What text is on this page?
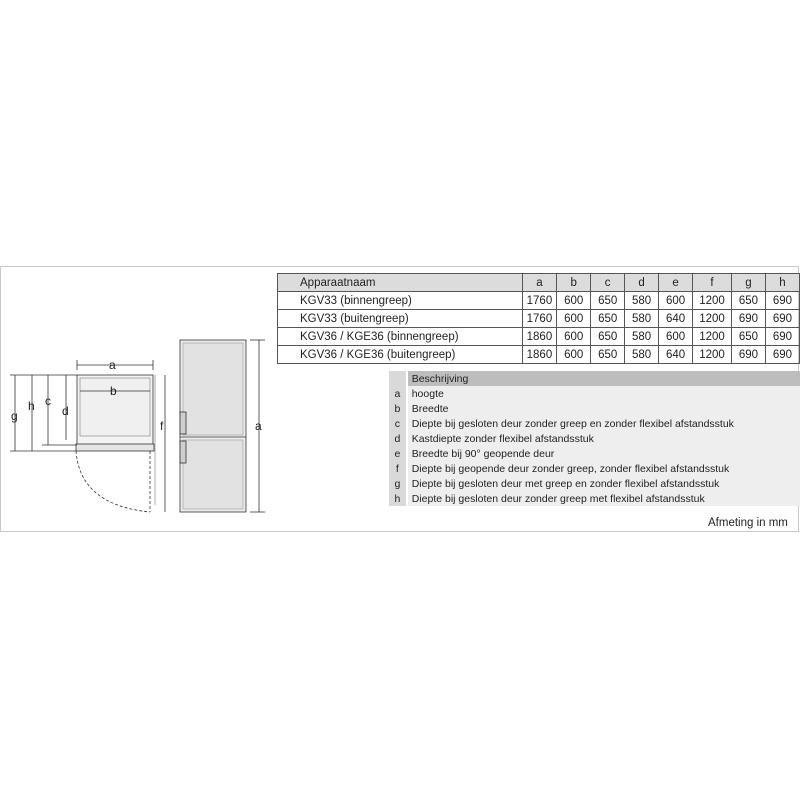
a
b
g
h c
d
f	a
Apparaatnaam	a	b	c	d	e	f	g	h
KGV33 (binnengreep)	1760	600	650	580	600	1200	650	690
KGV33 (buitengreep)	1760	600	650	580	640	1200	690	690
KGV36 / KGE36 (binnengreep)	1860	600	650	580	600	1200	650	690
KGV36 / KGE36 (buitengreep)	1860	600	650	580	640	1200	690	690
	Beschrijving
a	hoogte
b	Breedte
c	Diepte bij gesloten deur zonder greep en zonder flexibel afstandsstuk
d	Kastdiepte zonder flexibel afstandsstuk
e	Breedte bij 90° geopende deur
f	Diepte bij geopende deur zonder greep, zonder flexibel afstandsstuk
g	Diepte bij gesloten deur met greep en zonder flexibel afstandsstuk
h	Diepte bij gesloten deur zonder greep met flexibel afstandsstuk
Afmeting in mm
